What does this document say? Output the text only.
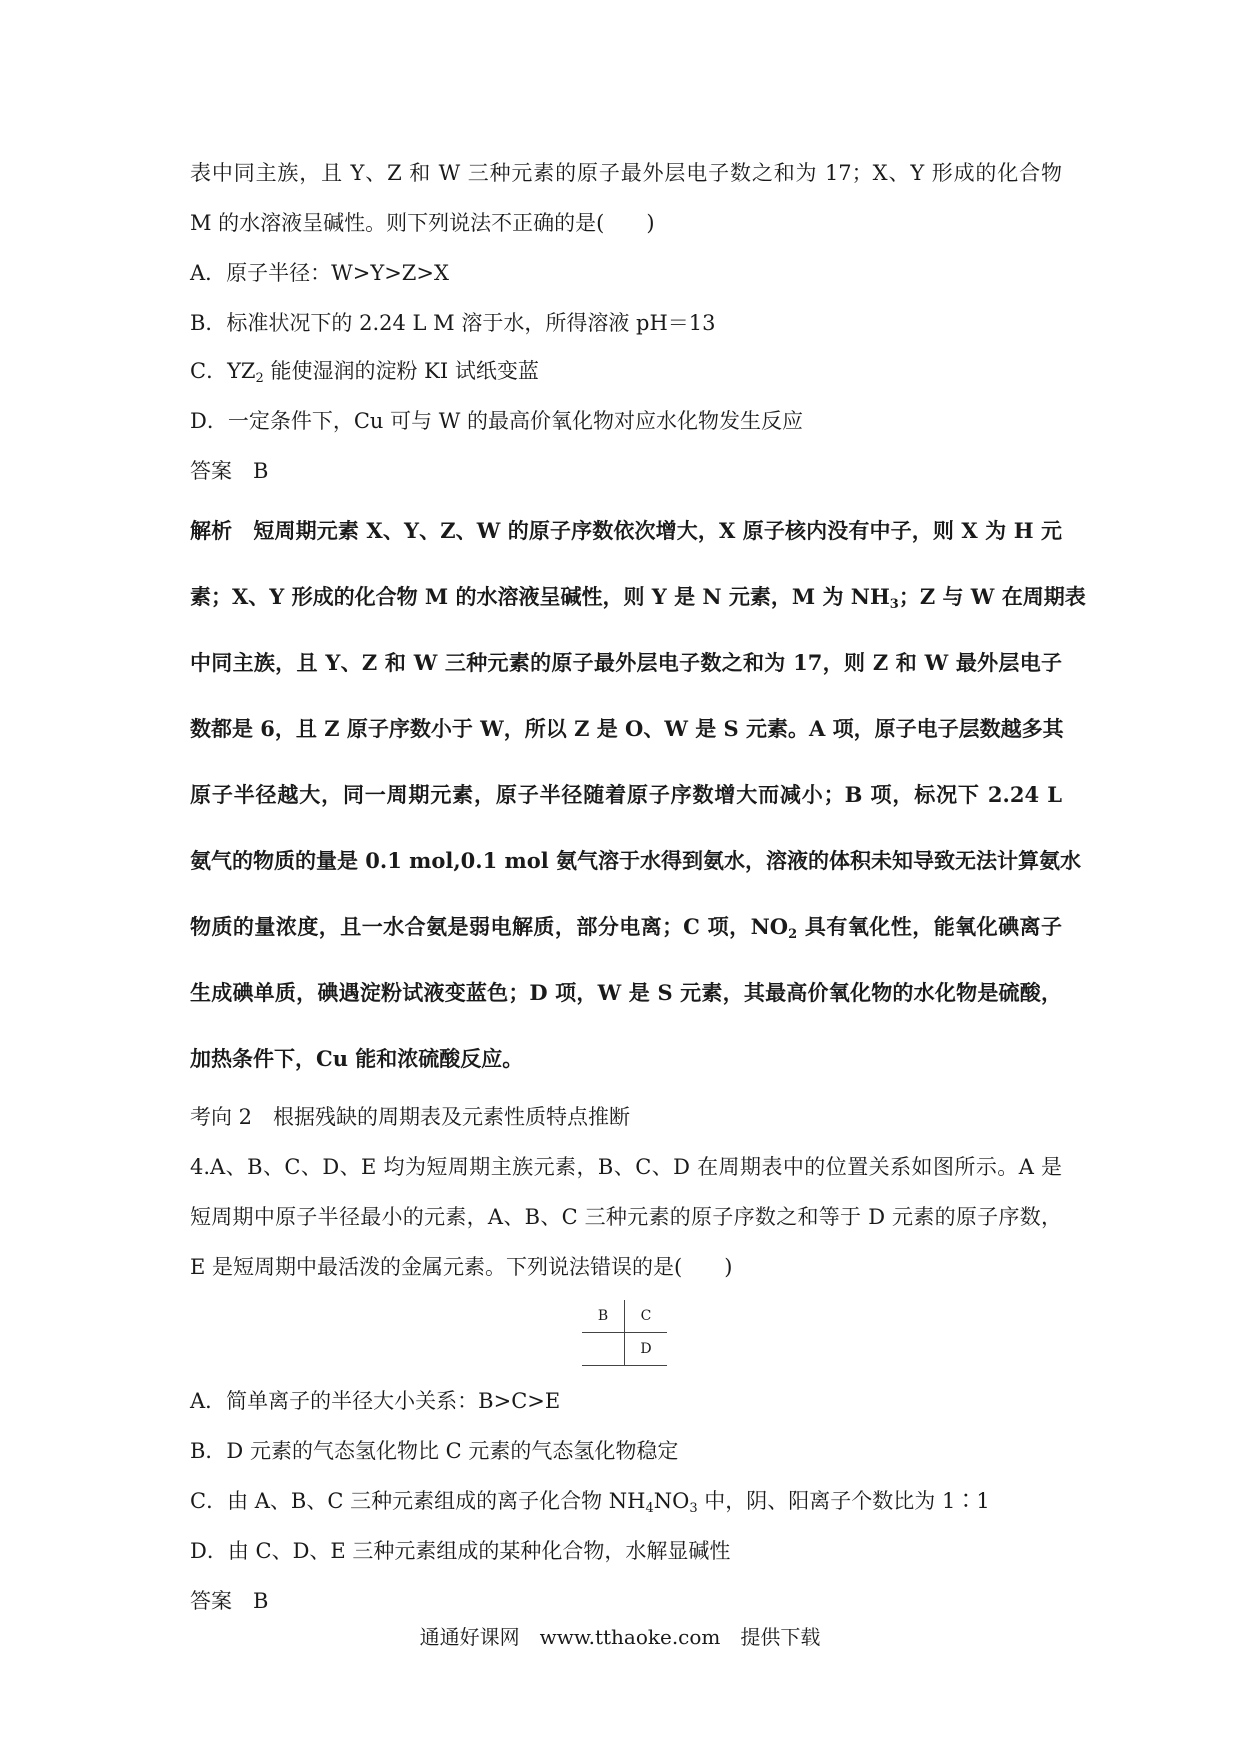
表中同主族，且 Y、Z 和 W 三种元素的原子最外层电子数之和为 17；X、Y 形成的化合物
M 的水溶液呈碱性。则下列说法不正确的是(　　)
A．原子半径：W>Y>Z>X
B．标准状况下的 2.24 L M 溶于水，所得溶液 pH＝13
C．$YZ_2$ 能使湿润的淀粉 KI 试纸变蓝
D．一定条件下，Cu 可与 W 的最高价氧化物对应水化物发生反应
答案　B
解析　短周期元素 X、Y、Z、W 的原子序数依次增大，X 原子核内没有中子，则 X 为 H 元
素；X、Y 形成的化合物 M 的水溶液呈碱性，则 Y 是 N 元素，M 为 $NH_3$；Z 与 W 在周期表
中同主族，且 Y、Z 和 W 三种元素的原子最外层电子数之和为 17，则 Z 和 W 最外层电子
数都是 6，且 Z 原子序数小于 W，所以 Z 是 O、W 是 S 元素。A 项，原子电子层数越多其
原子半径越大，同一周期元素，原子半径随着原子序数增大而减小；B 项，标况下 2.24 L
氨气的物质的量是 0.1 mol,0.1 mol 氨气溶于水得到氨水，溶液的体积未知导致无法计算氨水
物质的量浓度，且一水合氨是弱电解质，部分电离；C 项，$NO_2$ 具有氧化性，能氧化碘离子
生成碘单质，碘遇淀粉试液变蓝色；D 项，W 是 S 元素，其最高价氧化物的水化物是硫酸，
加热条件下，Cu 能和浓硫酸反应。
考向 2　根据残缺的周期表及元素性质特点推断
4.A、B、C、D、E 均为短周期主族元素，B、C、D 在周期表中的位置关系如图所示。A 是
短周期中原子半径最小的元素，A、B、C 三种元素的原子序数之和等于 D 元素的原子序数，
E 是短周期中最活泼的金属元素。下列说法错误的是(　　)
B	C
	D
A．简单离子的半径大小关系：B>C>E
B．D 元素的气态氢化物比 C 元素的气态氢化物稳定
C．由 A、B、C 三种元素组成的离子化合物 $NH_4NO_3$ 中，阴、阳离子个数比为 1∶1
D．由 C、D、E 三种元素组成的某种化合物，水解显碱性
答案　B
通通好课网　www.tthaoke.com　提供下载
